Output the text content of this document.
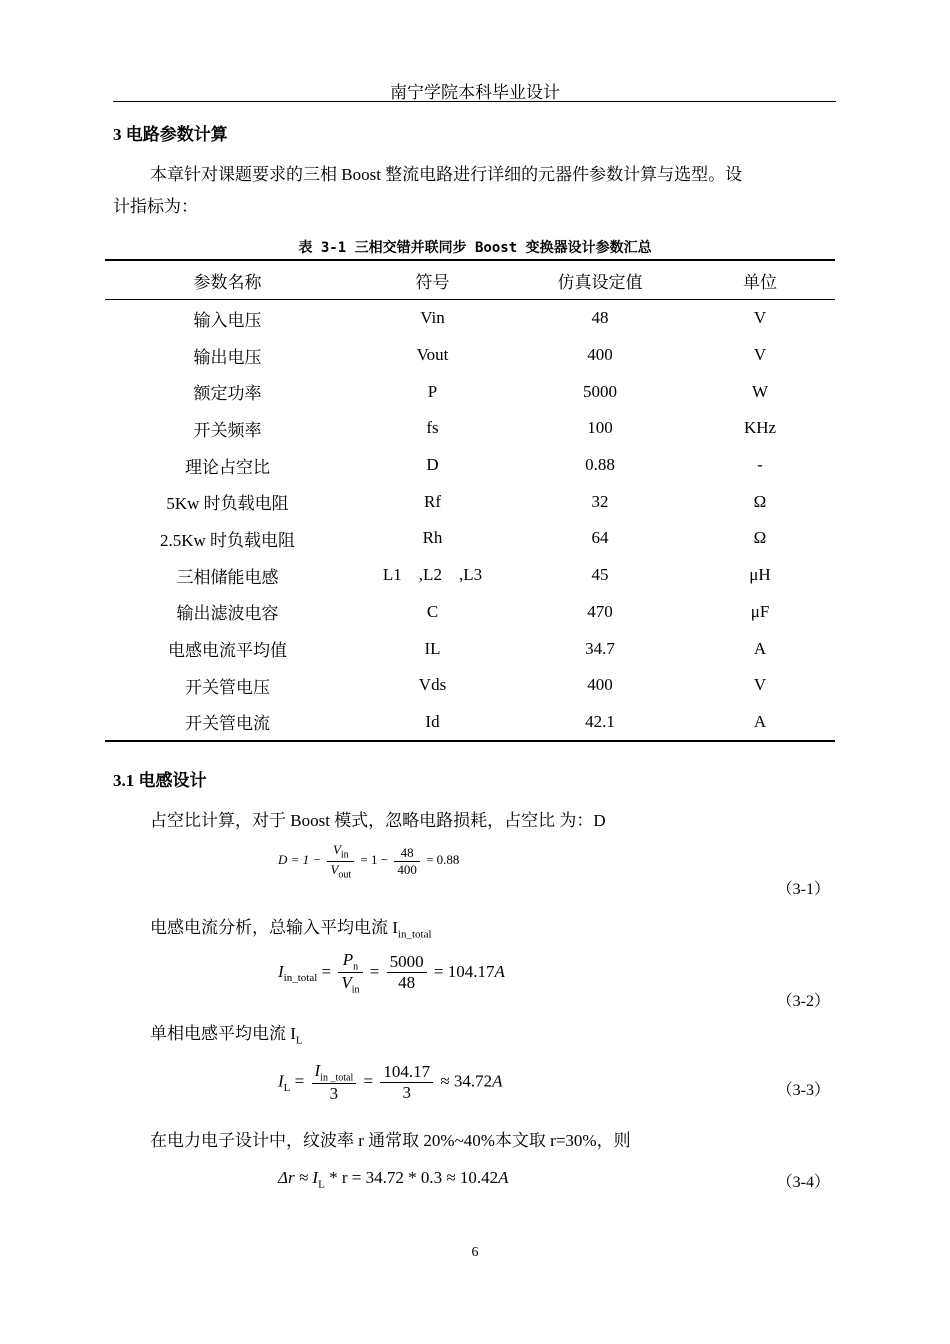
南宁学院本科毕业设计
3 电路参数计算
本章针对课题要求的三相 Boost 整流电路进行详细的元器件参数计算与选型。设
计指标为：
表 3-1 三相交错并联同步 Boost 变换器设计参数汇总
参数名称	符号	仿真设定值	单位
输入电压	Vin	48	V
输出电压	Vout	400	V
额定功率	P	5000	W
开关频率	fs	100	KHz
理论占空比	D	0.88	-
5Kw 时负载电阻	Rf	32	Ω
2.5Kw 时负载电阻	Rh	64	Ω
三相储能电感	L1    ,L2    ,L3	45	μH
输出滤波电容	C	470	μF
电感电流平均值	IL	34.7	A
开关管电压	Vds	400	V
开关管电流	Id	42.1	A
3.1 电感设计
占空比计算，对于 Boost 模式，忽略电路损耗，占空比 为：D
$D = 1 - \frac{V_{in}}{V_{out}} = 1 - \frac{48}{400} = 0.88$
（3-1）
电感电流分析，总输入平均电流 $I_{in\_total}$
$I_{in\_total} = \frac{P_n}{V_{in}} = \frac{5000}{48} = 104.17A$
（3-2）
单相电感平均电流 $I_L$
$I_L = \frac{I_{in \_total}}{3} = \frac{104.17}{3} \approx 34.72A$	（3-3）
在电力电子设计中，纹波率 r 通常取 20%~40%本文取 r=30%，则
$\Delta r \approx I_L * r = 34.72 * 0.3 \approx 10.42A$	（3-4）
6
